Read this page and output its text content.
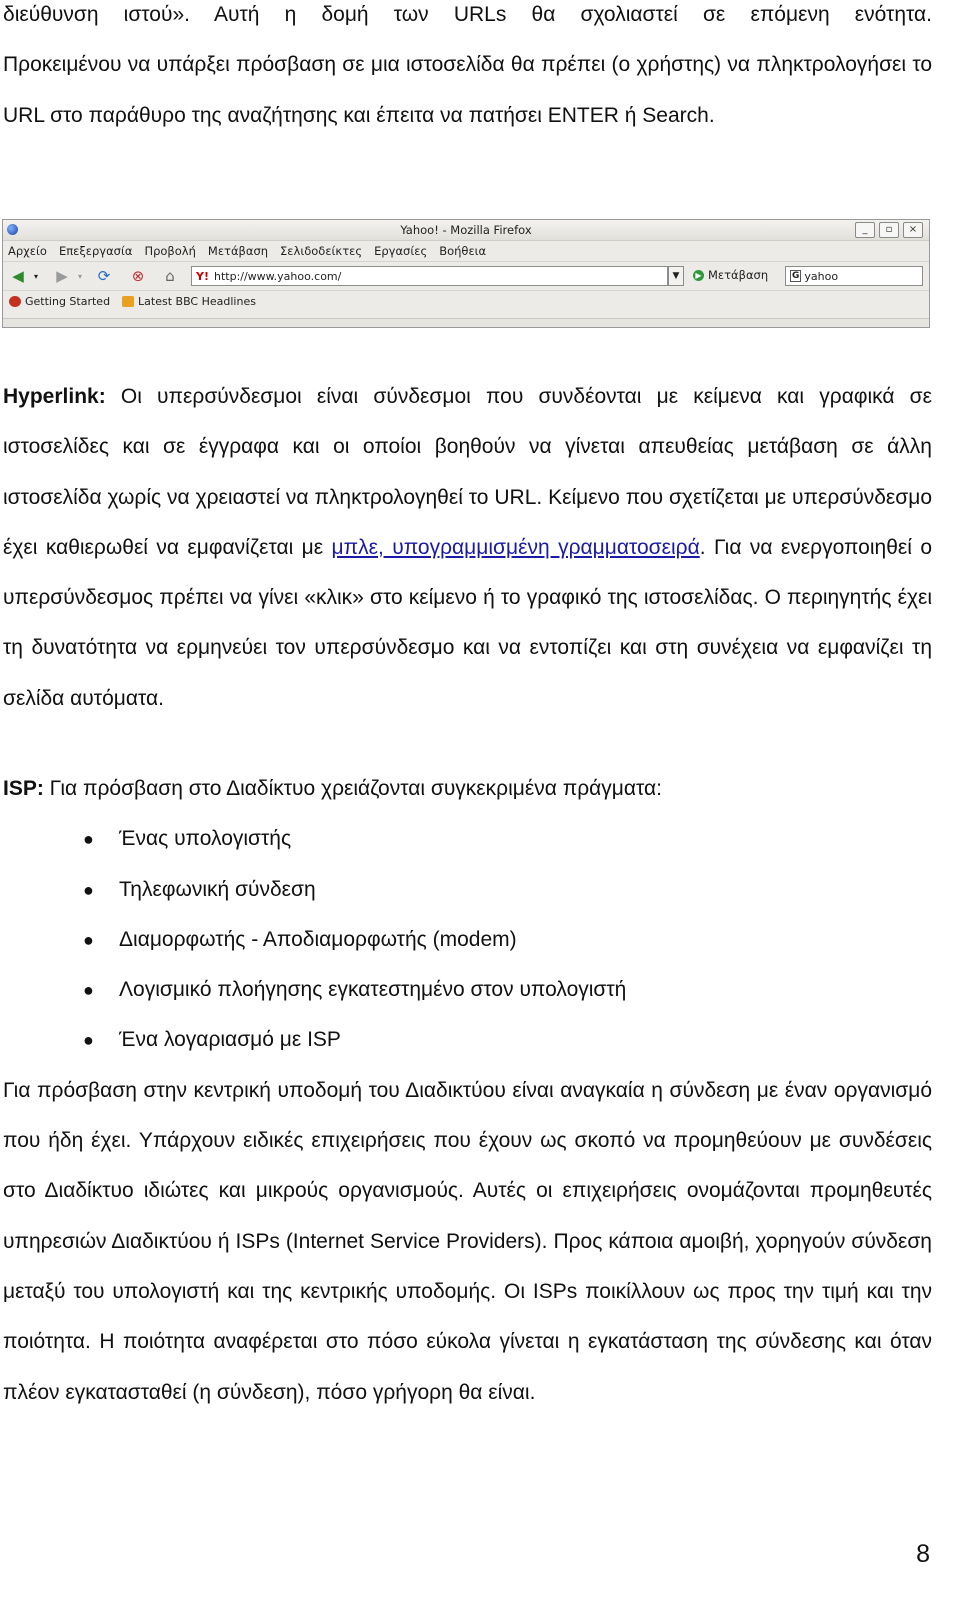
διεύθυνση ιστού». Αυτή η δομή των URLs θα σχολιαστεί σε επόμενη ενότητα.

Προκειμένου να υπάρξει πρόσβαση σε μια ιστοσελίδα θα πρέπει (ο χρήστης) να πληκτρολογήσει το URL στο παράθυρο της αναζήτησης και έπειτα να πατήσει ENTER ή Search.

Yahoo! - Mozilla Firefox	_	▫	×
Αρχείο Επεξεργασία Προβολή Μετάβαση Σελιδοδείκτες Εργασίες Βοήθεια
◀	▾	▶	▾	⟳	⊗	⌂	Y! http://www.yahoo.com/	▼	▶ Μετάβαση	G yahoo
Getting Started	Latest BBC Headlines

Hyperlink: Οι υπερσύνδεσμοι είναι σύνδεσμοι που συνδέονται με κείμενα και γραφικά σε ιστοσελίδες και σε έγγραφα και οι οποίοι βοηθούν να γίνεται απευθείας μετάβαση σε άλλη ιστοσελίδα χωρίς να χρειαστεί να πληκτρολογηθεί το URL. Κείμενο που σχετίζεται με υπερσύνδεσμο έχει καθιερωθεί να εμφανίζεται με μπλε, υπογραμμισμένη γραμματοσειρά. Για να ενεργοποιηθεί ο υπερσύνδεσμος πρέπει να γίνει «κλικ» στο κείμενο ή το γραφικό της ιστοσελίδας. Ο περιηγητής έχει τη δυνατότητα να ερμηνεύει τον υπερσύνδεσμο και να εντοπίζει και στη συνέχεια να εμφανίζει τη σελίδα αυτόματα.

ISP: Για πρόσβαση στο Διαδίκτυο χρειάζονται συγκεκριμένα πράγματα:

● Ένας υπολογιστής
● Τηλεφωνική σύνδεση
● Διαμορφωτής - Αποδιαμορφωτής (modem)
● Λογισμικό πλοήγησης εγκατεστημένο στον υπολογιστή
● Ένα λογαριασμό με ISP

Για πρόσβαση στην κεντρική υποδομή του Διαδικτύου είναι αναγκαία η σύνδεση με έναν οργανισμό που ήδη έχει. Υπάρχουν ειδικές επιχειρήσεις που έχουν ως σκοπό να προμηθεύουν με συνδέσεις στο Διαδίκτυο ιδιώτες και μικρούς οργανισμούς. Αυτές οι επιχειρήσεις ονομάζονται προμηθευτές υπηρεσιών Διαδικτύου ή ISPs (Internet Service Providers). Προς κάποια αμοιβή, χορηγούν σύνδεση μεταξύ του υπολογιστή και της κεντρικής υποδομής. Οι ISPs ποικίλλουν ως προς την τιμή και την ποιότητα. Η ποιότητα αναφέρεται στο πόσο εύκολα γίνεται η εγκατάσταση της σύνδεσης και όταν πλέον εγκατασταθεί (η σύνδεση), πόσο γρήγορη θα είναι.

8
